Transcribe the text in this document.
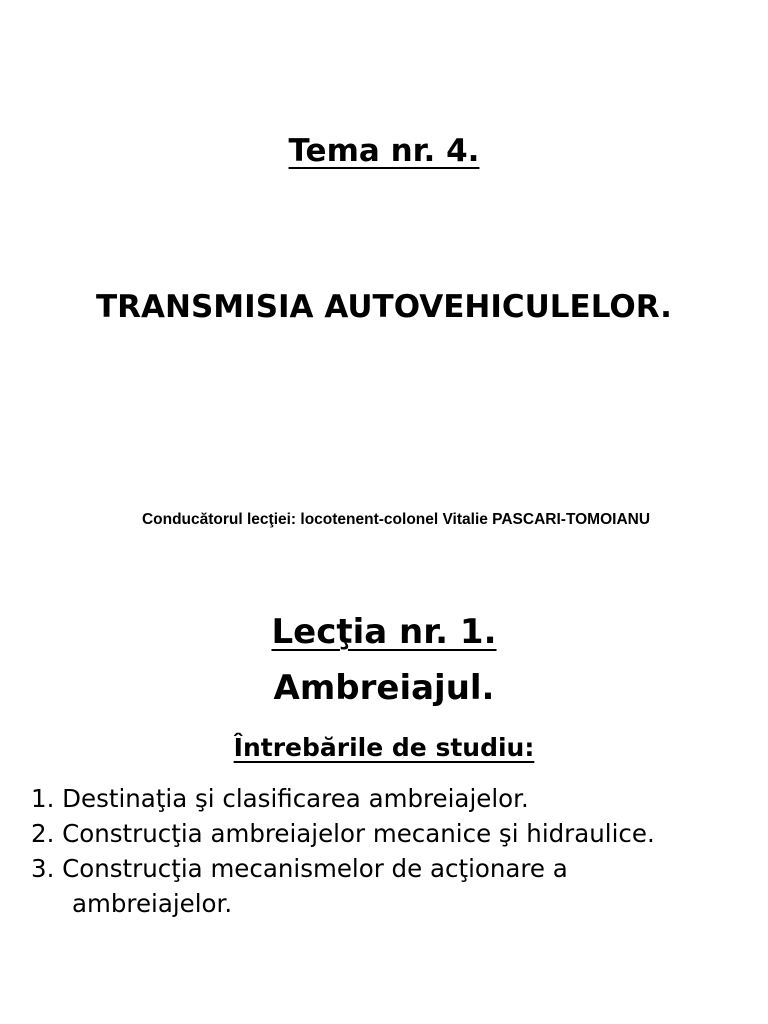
Tema nr. 4.
TRANSMISIA AUTOVEHICULELOR.
Conducătorul lecţiei: locotenent-colonel Vitalie PASCARI-TOMOIANU
Lecţia nr. 1.
Ambreiajul.
Întrebările de studiu:
1. Destinaţia şi clasificarea ambreiajelor.
2. Construcţia ambreiajelor mecanice şi hidraulice.
3. Construcţia mecanismelor de acţionare a
ambreiajelor.
